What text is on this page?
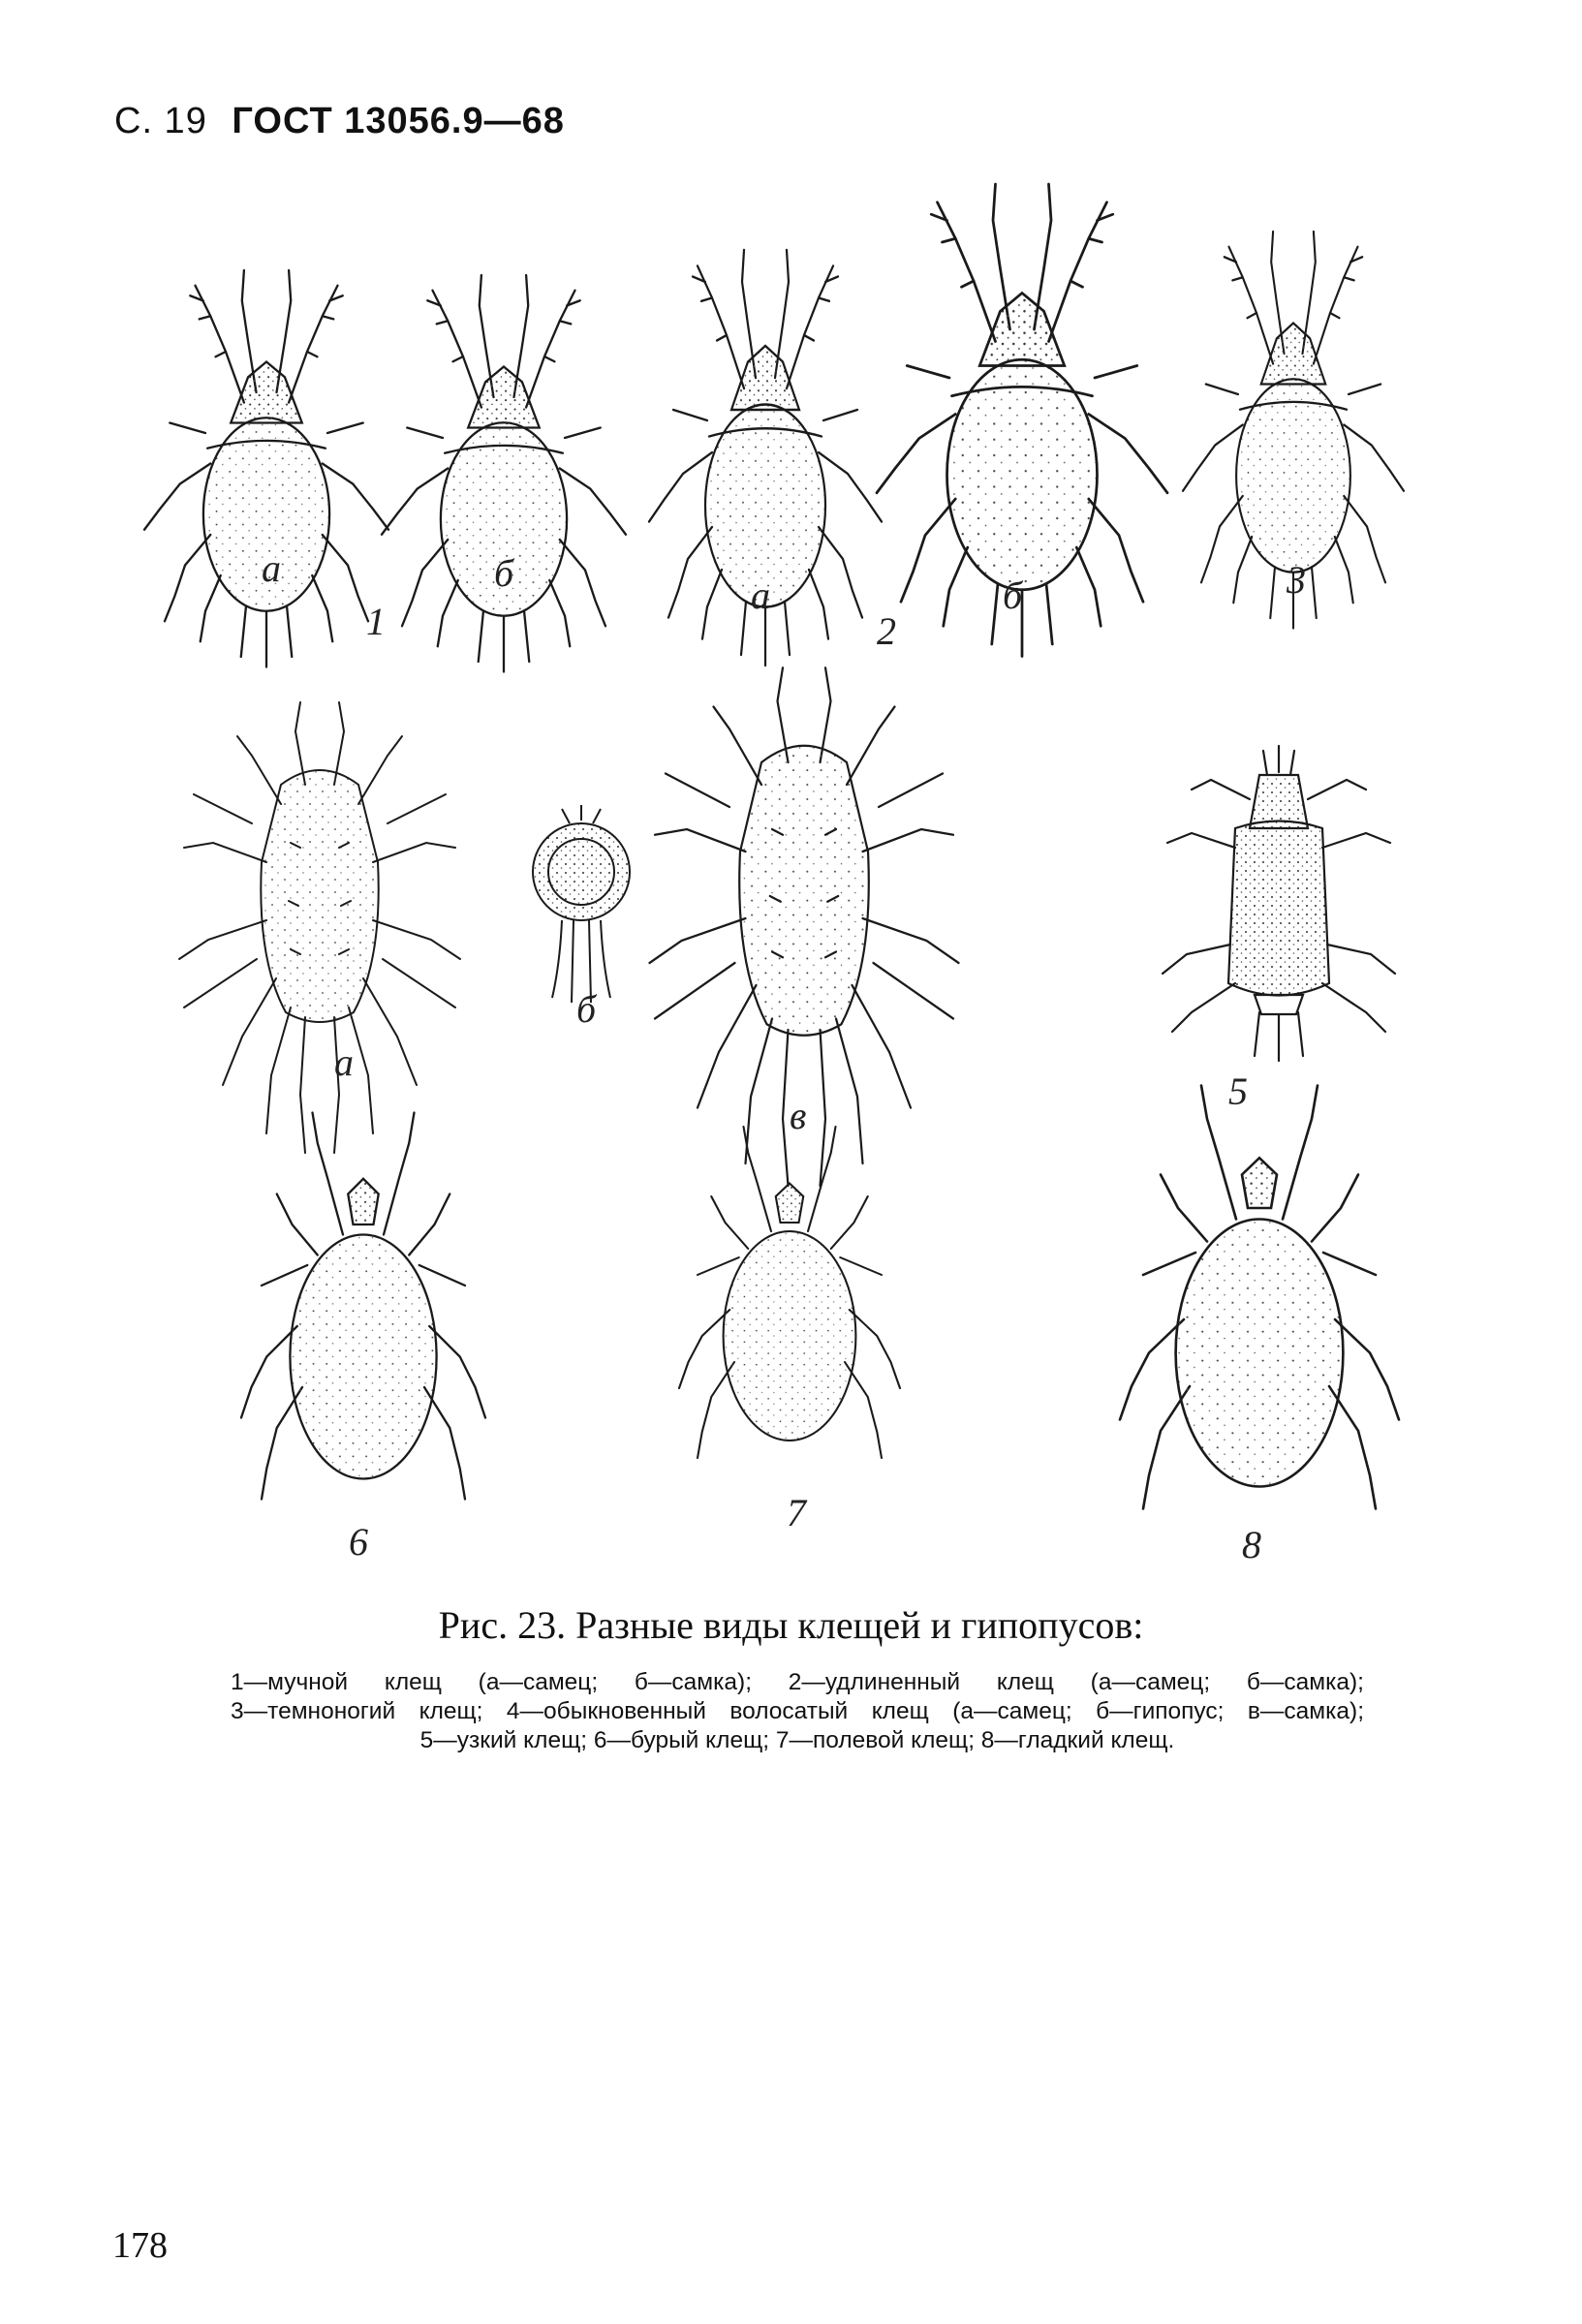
С. 19 ГОСТ 13056.9—68
а	б
1
а	б
2
3
а
б
в
5
6
7
8
Рис. 23. Разные виды клещей и гипопусов:
1—мучной клещ (а—самец; б—самка); 2—удлиненный клещ (а—самец; б—самка);
3—темноногий клещ; 4—обыкновенный волосатый клещ (а—самец; б—гипопус; в—самка);
5—узкий клещ; 6—бурый клещ; 7—полевой клещ; 8—гладкий клещ.
178
